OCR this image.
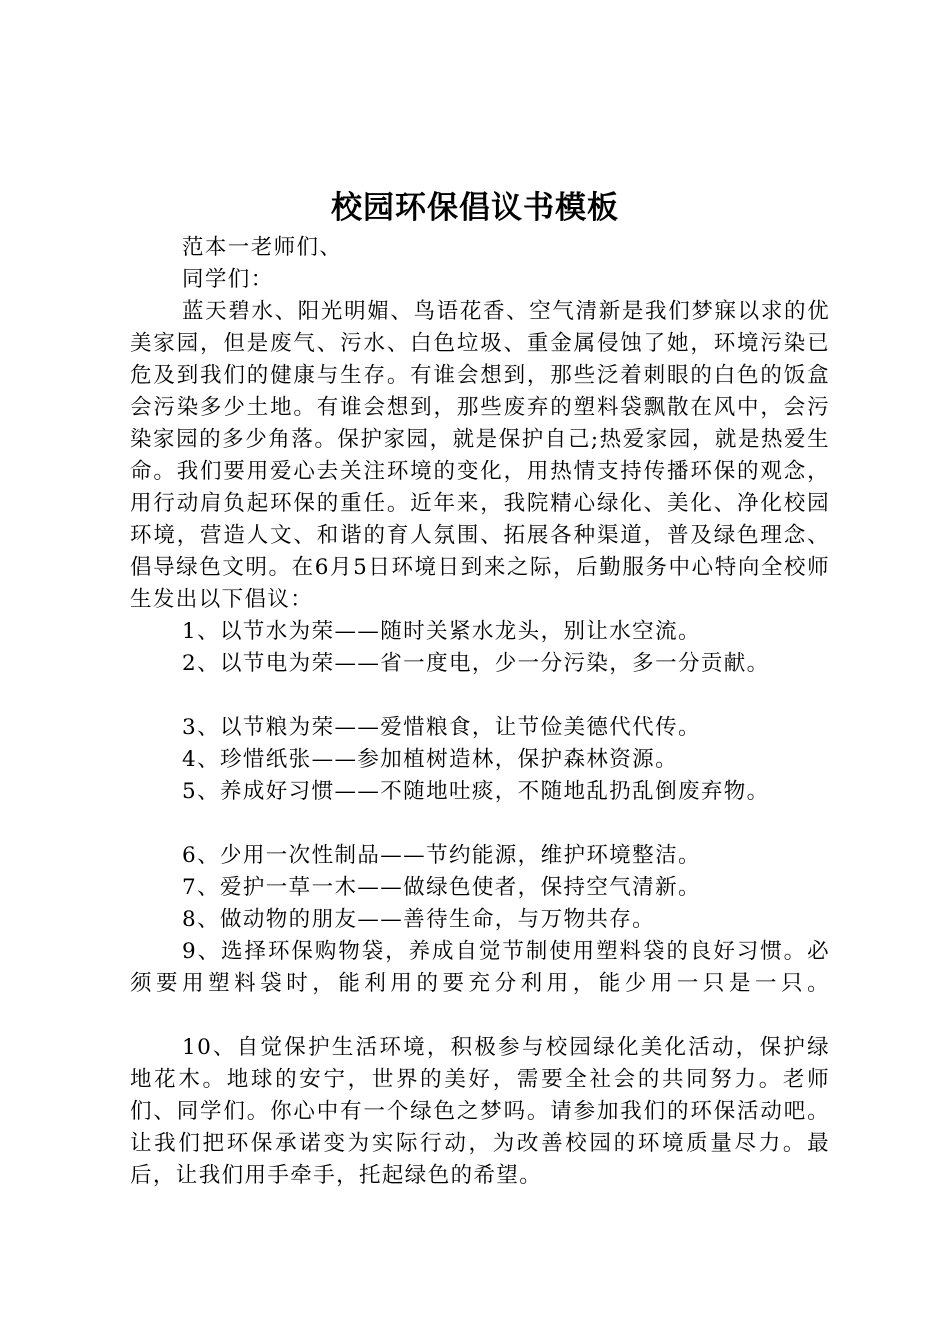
校园环保倡议书模板

范本一老师们、

同学们：

蓝天碧水、阳光明媚、鸟语花香、空气清新是我们梦寐以求的优美家园，但是废气、污水、白色垃圾、重金属侵蚀了她，环境污染已危及到我们的健康与生存。有谁会想到，那些泛着刺眼的白色的饭盒会污染多少土地。有谁会想到，那些废弃的塑料袋飘散在风中，会污染家园的多少角落。保护家园，就是保护自己;热爱家园，就是热爱生命。我们要用爱心去关注环境的变化，用热情支持传播环保的观念，用行动肩负起环保的重任。近年来，我院精心绿化、美化、净化校园环境，营造人文、和谐的育人氛围、拓展各种渠道，普及绿色理念、倡导绿色文明。在6月5日环境日到来之际，后勤服务中心特向全校师生发出以下倡议：

1、以节水为荣——随时关紧水龙头，别让水空流。

2、以节电为荣——省一度电，少一分污染，多一分贡献。

3、以节粮为荣——爱惜粮食，让节俭美德代代传。

4、珍惜纸张——参加植树造林，保护森林资源。

5、养成好习惯——不随地吐痰，不随地乱扔乱倒废弃物。

6、少用一次性制品——节约能源，维护环境整洁。

7、爱护一草一木——做绿色使者，保持空气清新。

8、做动物的朋友——善待生命，与万物共存。

9、选择环保购物袋，养成自觉节制使用塑料袋的良好习惯。必须要用塑料袋时，能利用的要充分利用，能少用一只是一只。

10、自觉保护生活环境，积极参与校园绿化美化活动，保护绿地花木。地球的安宁，世界的美好，需要全社会的共同努力。老师们、同学们。你心中有一个绿色之梦吗。请参加我们的环保活动吧。让我们把环保承诺变为实际行动，为改善校园的环境质量尽力。最后，让我们用手牵手，托起绿色的希望。
